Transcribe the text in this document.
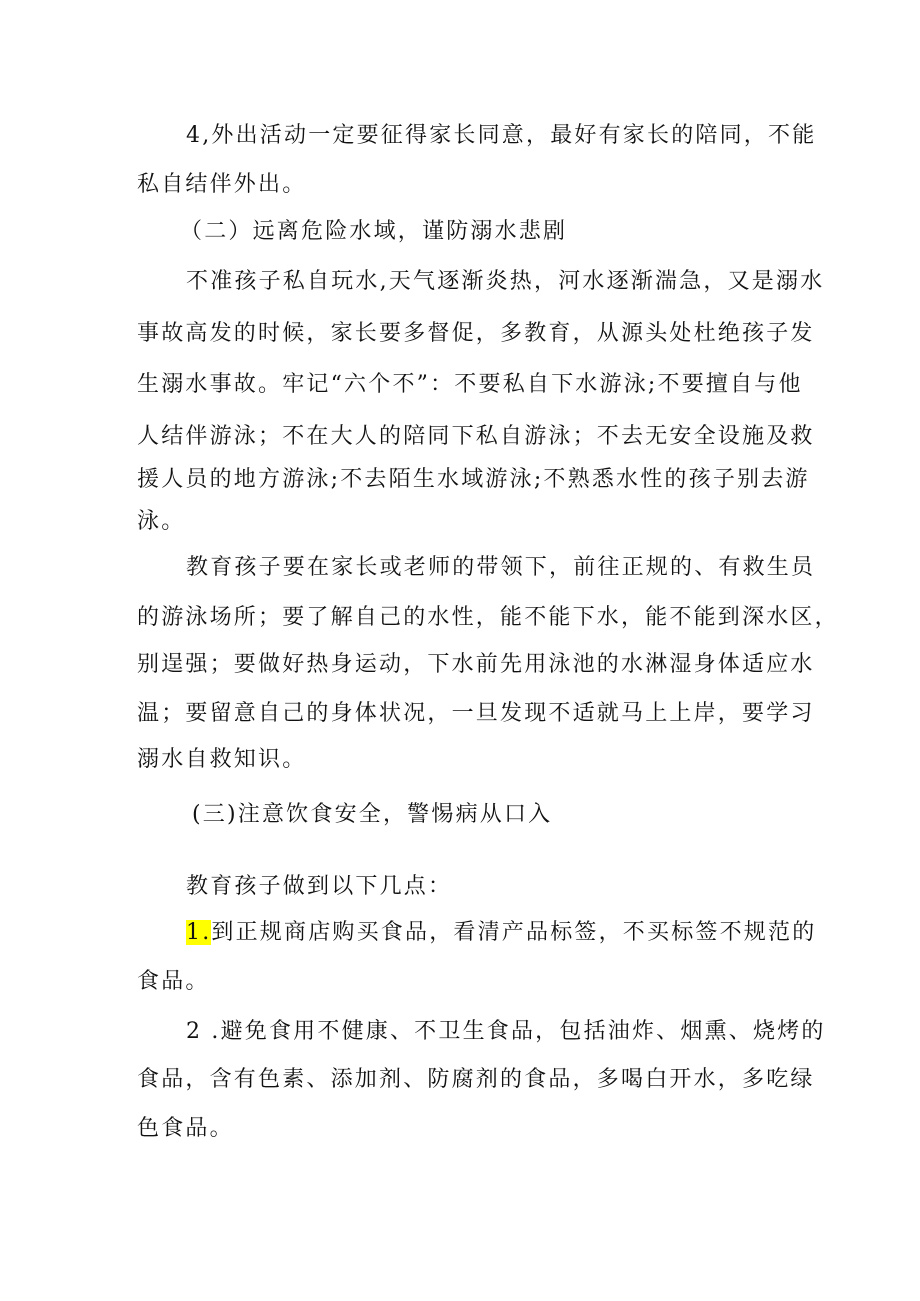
4,外出活动一定要征得家长同意，最好有家长的陪同，不能
私自结伴外出。
（二）远离危险水域，谨防溺水悲剧
不准孩子私自玩水,天气逐渐炎热，河水逐渐湍急，又是溺水
事故高发的时候，家长要多督促，多教育，从源头处杜绝孩子发
生溺水事故。牢记“六个不”：不要私自下水游泳;不要擅自与他
人结伴游泳；不在大人的陪同下私自游泳；不去无安全设施及救
援人员的地方游泳;不去陌生水域游泳;不熟悉水性的孩子别去游
泳。
教育孩子要在家长或老师的带领下，前往正规的、有救生员
的游泳场所；要了解自己的水性，能不能下水，能不能到深水区，
别逞强；要做好热身运动，下水前先用泳池的水淋湿身体适应水
温；要留意自己的身体状况，一旦发现不适就马上上岸，要学习
溺水自救知识。
(三)注意饮食安全，警惕病从口入
教育孩子做到以下几点：
1.到正规商店购买食品，看清产品标签，不买标签不规范的
食品。
2 .避免食用不健康、不卫生食品，包括油炸、烟熏、烧烤的
食品，含有色素、添加剂、防腐剂的食品，多喝白开水，多吃绿
色食品。
